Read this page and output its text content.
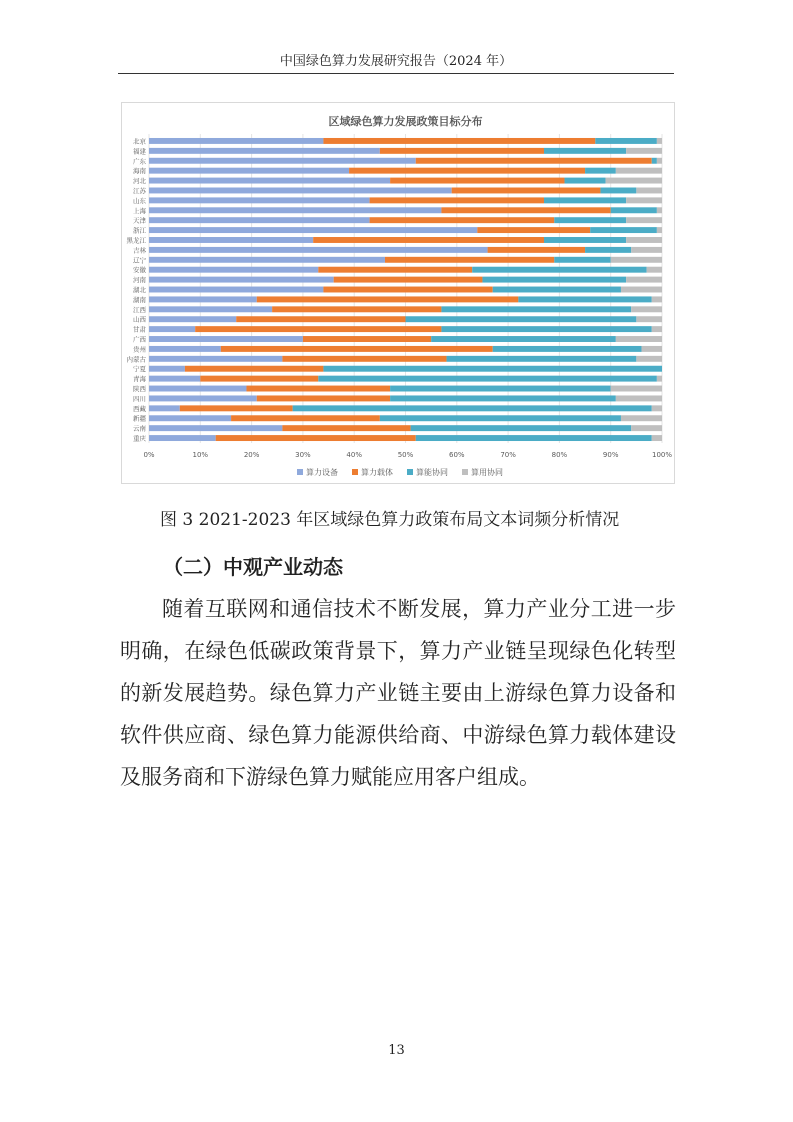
中国绿色算力发展研究报告（2024 年）
区域绿色算力发展政策目标分布
0%	10%	20%	30%	40%	50%	60%	70%	80%	90%	100%
北京
福建
广东
海南
河北
江苏
山东
上海
天津
浙江
黑龙江
吉林
辽宁
安徽
河南
湖北
湖南
江西
山西
甘肃
广西
贵州
内蒙古
宁夏
青海
陕西
四川
西藏
新疆
云南
重庆
算力设备	算力载体	算能协同	算用协同
图 3 2021-2023 年区域绿色算力政策布局文本词频分析情况
（二）中观产业动态

随着互联网和通信技术不断发展，算力产业分工进一步明确，在绿色低碳政策背景下，算力产业链呈现绿色化转型的新发展趋势。绿色算力产业链主要由上游绿色算力设备和软件供应商、绿色算力能源供给商、中游绿色算力载体建设及服务商和下游绿色算力赋能应用客户组成。

13
